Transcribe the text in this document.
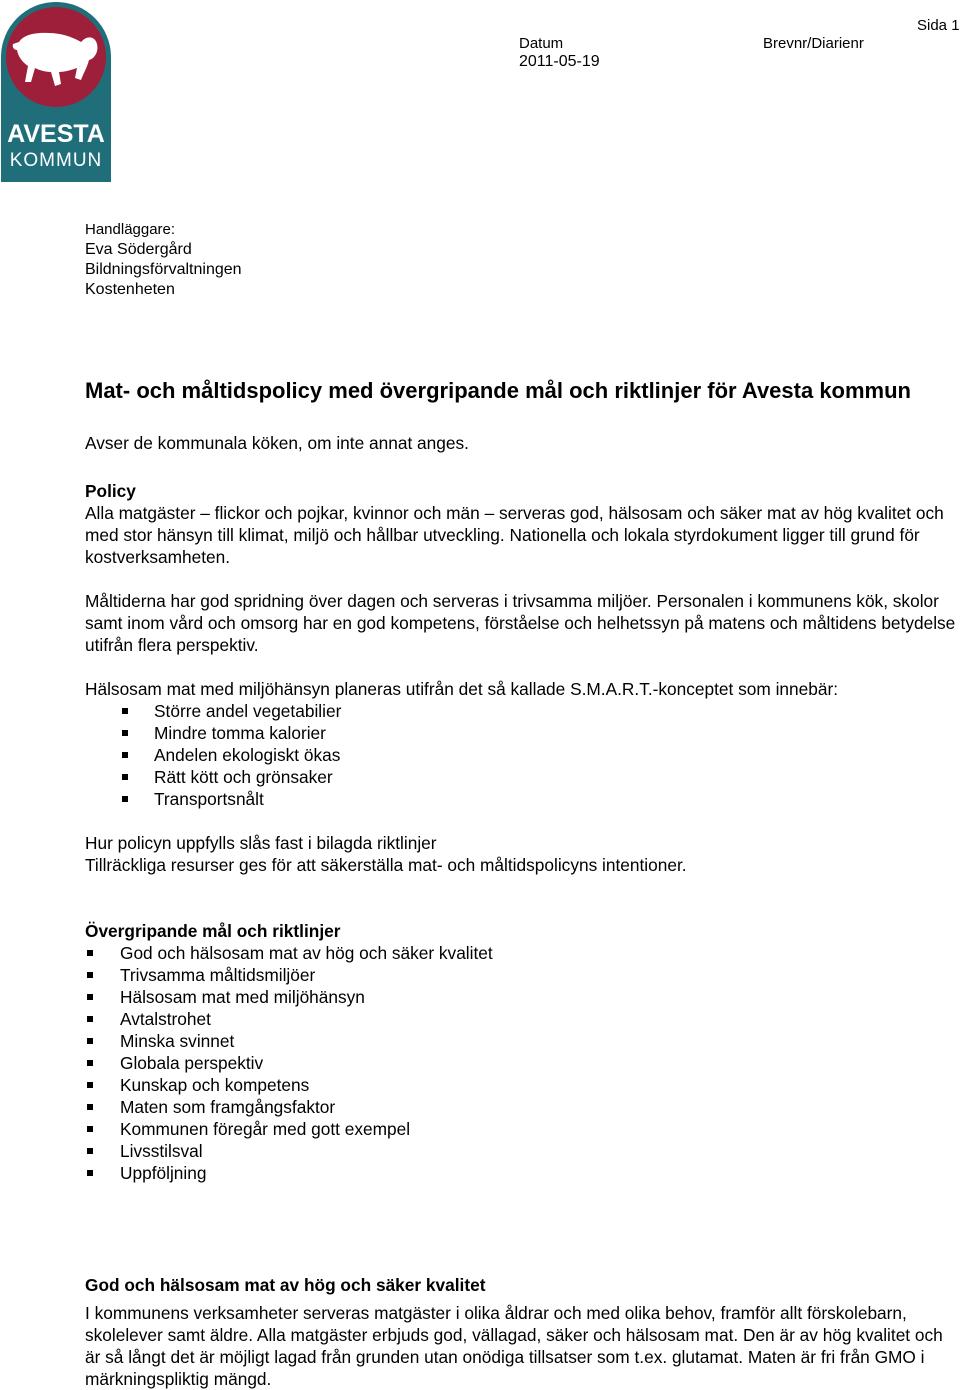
AVESTA
KOMMUN
Sida 1
Datum
2011-05-19
Brevnr/Diarienr
Handläggare:
Eva Södergård
Bildningsförvaltningen
Kostenheten
Mat- och måltidspolicy med övergripande mål och riktlinjer för Avesta kommun
Avser de kommunala köken, om inte annat anges.
Policy
Alla matgäster – flickor och pojkar, kvinnor och män – serveras god, hälsosam och säker mat av hög kvalitet och med stor hänsyn till klimat, miljö och hållbar utveckling. Nationella och lokala styrdokument ligger till grund för kostverksamheten.
Måltiderna har god spridning över dagen och serveras i trivsamma miljöer. Personalen i kommunens kök, skolor samt inom vård och omsorg har en god kompetens, förståelse och helhetssyn på matens och måltidens betydelse utifrån flera perspektiv.
Hälsosam mat med miljöhänsyn planeras utifrån det så kallade S.M.A.R.T.-konceptet som innebär:
Större andel vegetabilier
Mindre tomma kalorier
Andelen ekologiskt ökas
Rätt kött och grönsaker
Transportsnålt
Hur policyn uppfylls slås fast i bilagda riktlinjer
Tillräckliga resurser ges för att säkerställa mat- och måltidspolicyns intentioner.
Övergripande mål och riktlinjer
God och hälsosam mat av hög och säker kvalitet
Trivsamma måltidsmiljöer
Hälsosam mat med miljöhänsyn
Avtalstrohet
Minska svinnet
Globala perspektiv
Kunskap och kompetens
Maten som framgångsfaktor
Kommunen föregår med gott exempel
Livsstilsval
Uppföljning
God och hälsosam mat av hög och säker kvalitet
I kommunens verksamheter serveras matgäster i olika åldrar och med olika behov, framför allt förskolebarn, skolelever samt äldre. Alla matgäster erbjuds god, vällagad, säker och hälsosam mat. Den är av hög kvalitet och är så långt det är möjligt lagad från grunden utan onödiga tillsatser som t.ex. glutamat. Maten är fri från GMO i märkningspliktig mängd.
